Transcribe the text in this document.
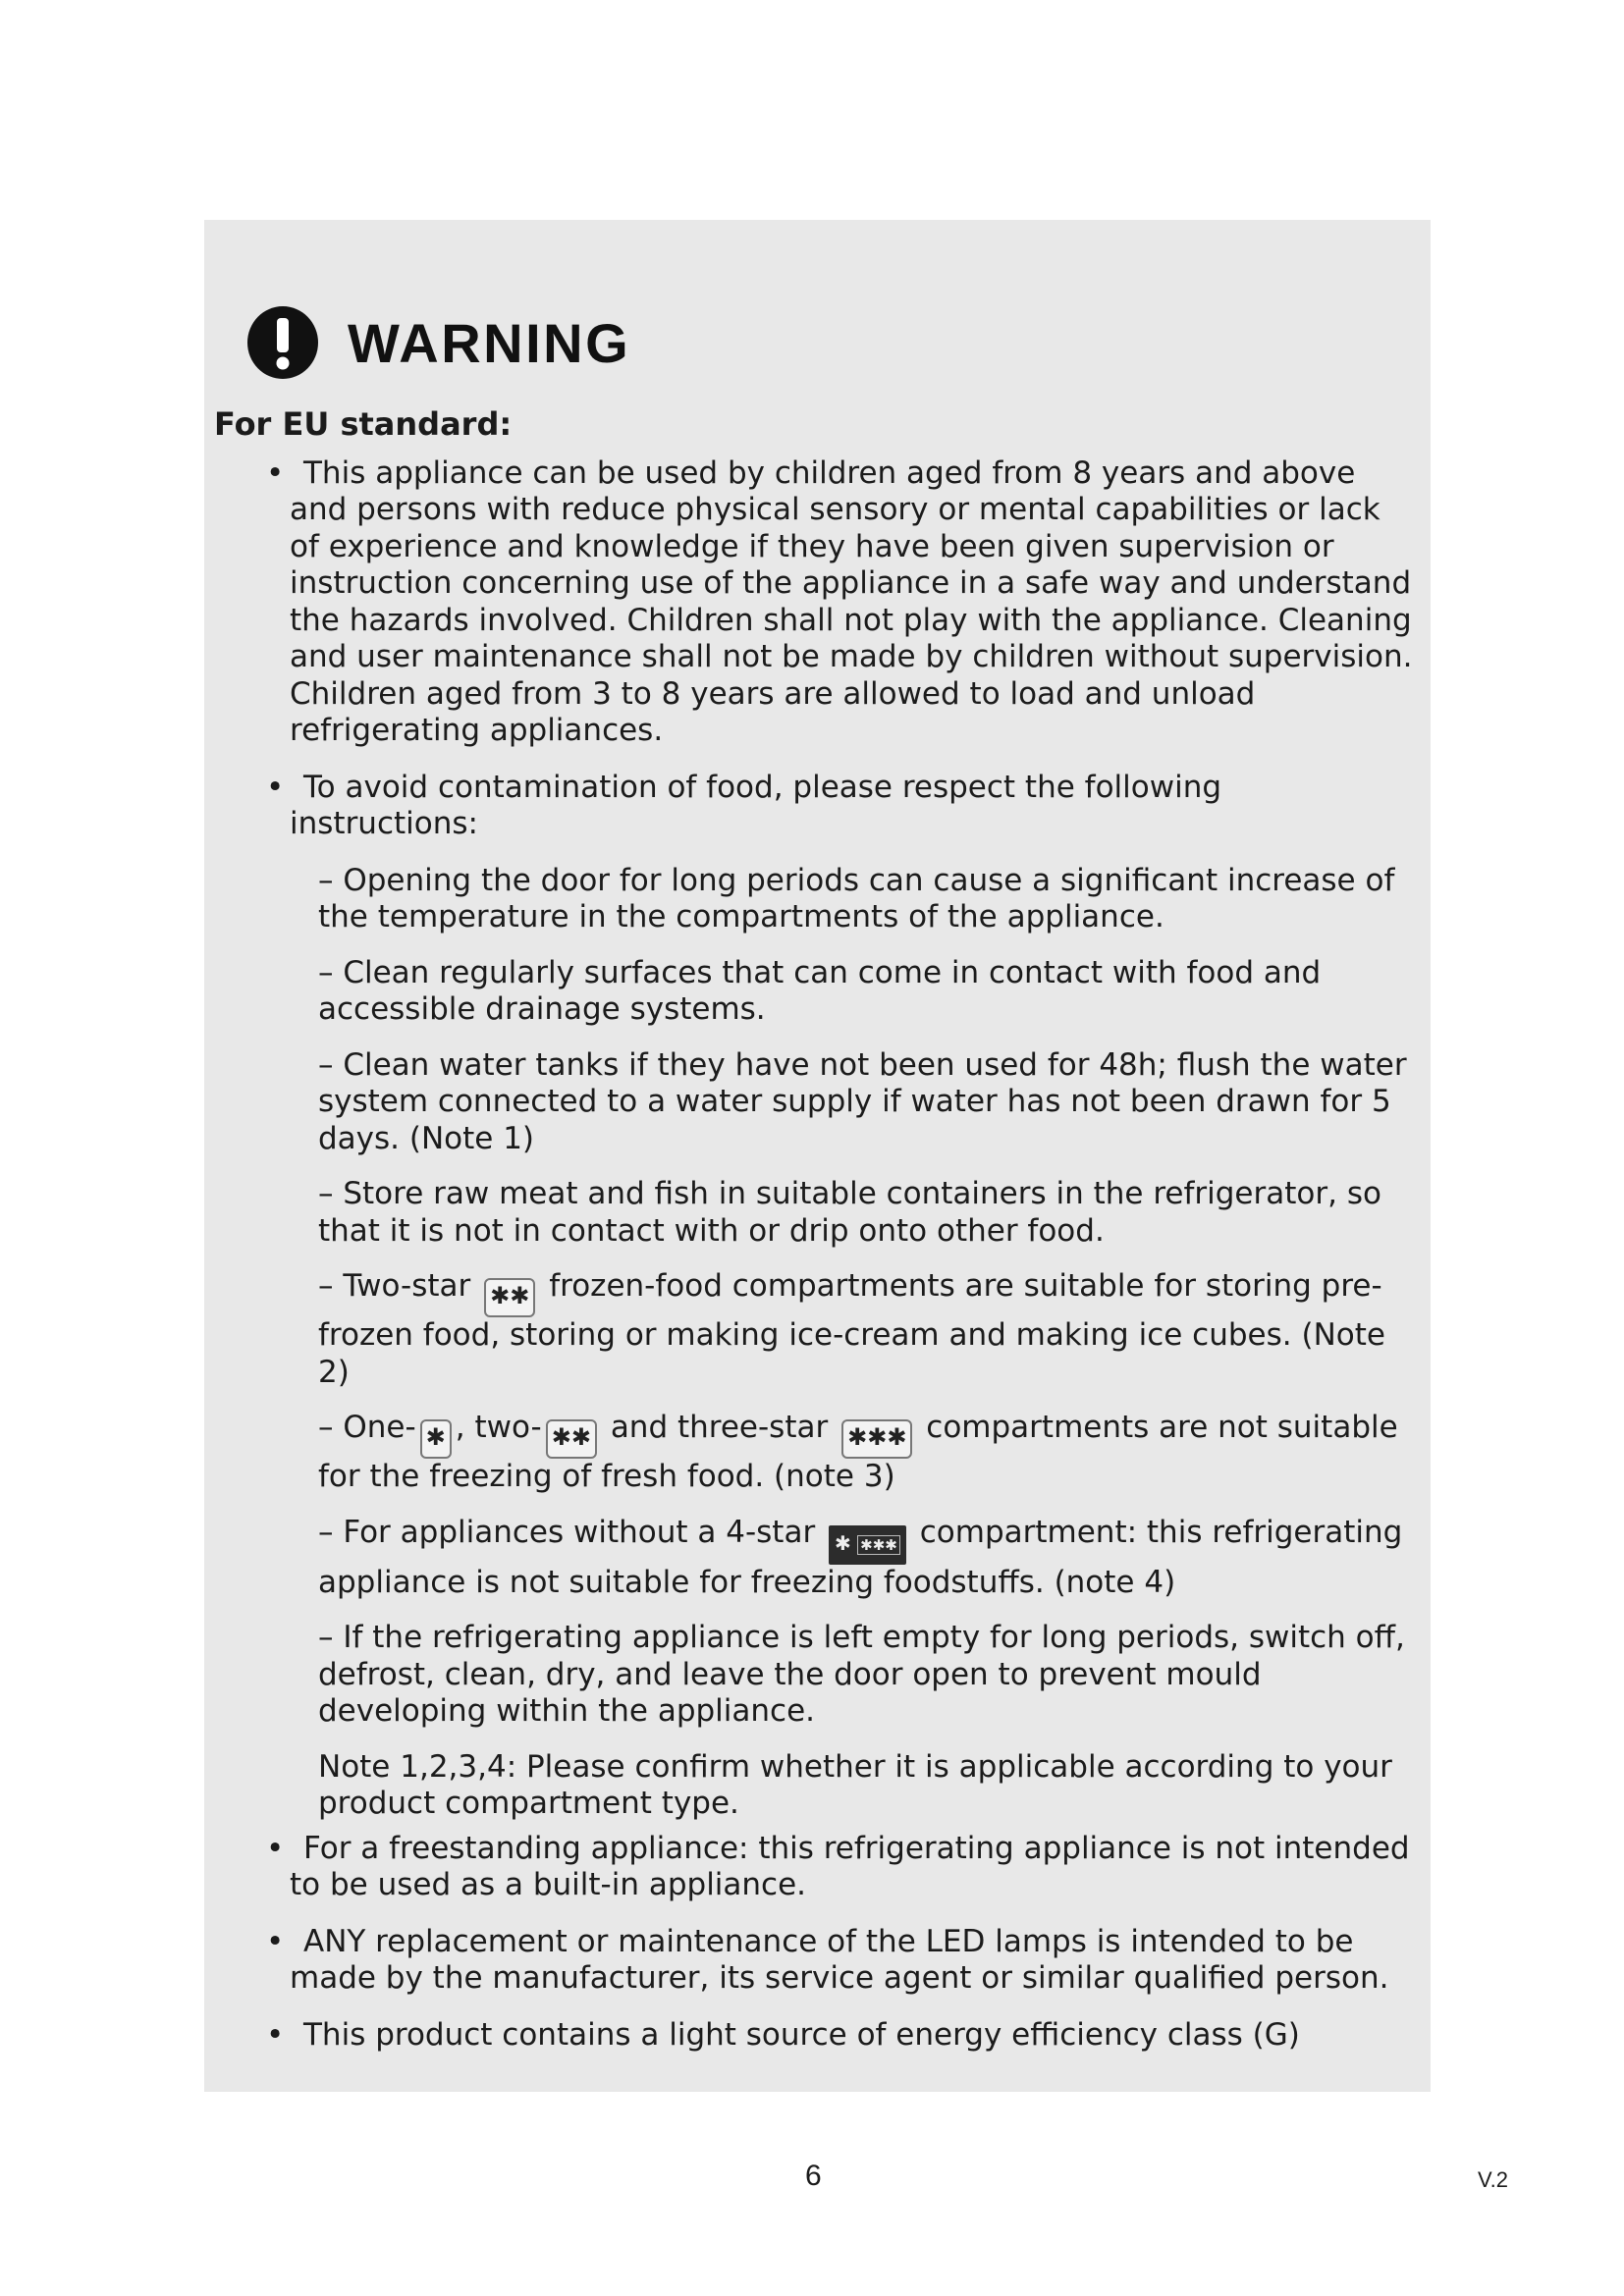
WARNING
For EU standard:
•  This appliance can be used by children aged from 8 years and above and persons with reduce physical sensory or mental capabilities or lack of experience and knowledge if they have been given supervision or instruction concerning use of the appliance in a safe way and understand the hazards involved. Children shall not play with the appliance. Cleaning and user maintenance shall not be made by children without supervision. Children aged from 3 to 8 years are allowed to load and unload refrigerating appliances.
•  To avoid contamination of food, please respect the following instructions:
– Opening the door for long periods can cause a significant increase of the temperature in the compartments of the appliance.
– Clean regularly surfaces that can come in contact with food and accessible drainage systems.
– Clean water tanks if they have not been used for 48h; flush the water system connected to a water supply if water has not been drawn for 5 days. (Note 1)
– Store raw meat and fish in suitable containers in the refrigerator, so that it is not in contact with or drip onto other food.
– Two-star ✱✱ frozen-food compartments are suitable for storing pre-frozen food, storing or making ice-cream and making ice cubes. (Note 2)
– One- ✱ , two- ✱✱ and three-star ✱✱✱ compartments are not suitable for the freezing of fresh food. (note 3)
– For appliances without a 4-star ✱ ✱✱✱ compartment: this refrigerating appliance is not suitable for freezing foodstuffs. (note 4)
– If the refrigerating appliance is left empty for long periods, switch off, defrost, clean, dry, and leave the door open to prevent mould developing within the appliance.
Note 1,2,3,4: Please confirm whether it is applicable according to your product compartment type.
•  For a freestanding appliance: this refrigerating appliance is not intended to be used as a built-in appliance.
•  ANY replacement or maintenance of the LED lamps is intended to be made by the manufacturer, its service agent or similar qualified person.
•  This product contains a light source of energy efficiency class (G)
6	V.2
